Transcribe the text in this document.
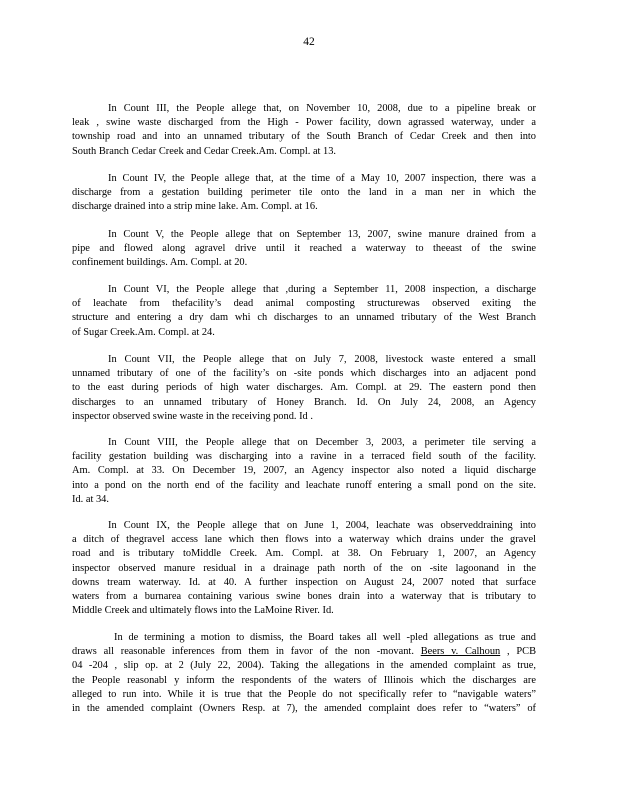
42
In Count III, the People allege that, on November 10, 2008, due to a pipeline break or
leak , swine waste discharged from the High - Power facility, down agrassed waterway, under a
township road and into an unnamed tributary of the South Branch of Cedar Creek and then into
South Branch Cedar Creek and Cedar Creek.Am. Compl. at 13.
In Count IV, the People allege that, at the time of a May 10, 2007 inspection, there was a
discharge from a gestation building perimeter tile onto the land in a man ner in which the
discharge drained into a strip mine lake. Am. Compl. at 16.
In Count V, the People allege that on September 13, 2007, swine manure drained from a
pipe and flowed along agravel drive until it reached a waterway to theeast of the swine
confinement buildings. Am. Compl. at 20.
In Count VI, the People allege that ,during a September 11, 2008 inspection, a discharge
of leachate from thefacility’s dead animal composting structurewas observed exiting the
structure and entering a dry dam whi ch discharges to an unnamed tributary of the West Branch
of Sugar Creek.Am. Compl. at 24.
In Count VII, the People allege that on July 7, 2008, livestock waste entered a small
unnamed tributary of one of the facility’s on -site ponds which discharges into an adjacent pond
to the east during periods of high water discharges. Am. Compl. at 29. The eastern pond then
discharges to an unnamed tributary of Honey Branch. Id. On July 24, 2008, an Agency
inspector observed swine waste in the receiving pond. Id .
In Count VIII, the People allege that on December 3, 2003, a perimeter tile serving a
facility gestation building was discharging into a ravine in a terraced field south of the facility.
Am. Compl. at 33. On December 19, 2007, an Agency inspector also noted a liquid discharge
into a pond on the north end of the facility and leachate runoff entering a small pond on the site.
Id. at 34.
In Count IX, the People allege that on June 1, 2004, leachate was observeddraining into
a ditch of thegravel access lane which then flows into a waterway which drains under the gravel
road and is tributary toMiddle Creek. Am. Compl. at 38. On February 1, 2007, an Agency
inspector observed manure residual in a drainage path north of the on -site lagoonand in the
downs tream waterway. Id. at 40. A further inspection on August 24, 2007 noted that surface
waters from a burnarea containing various swine bones drain into a waterway that is tributary to
Middle Creek and ultimately flows into the LaMoine River. Id.
In de termining a motion to dismiss, the Board takes all well -pled allegations as true and
draws all reasonable inferences from them in favor of the non -movant. Beers v. Calhoun , PCB
04 -204 , slip op. at 2 (July 22, 2004). Taking the allegations in the amended complaint as true,
the People reasonabl y inform the respondents of the waters of Illinois which the discharges are
alleged to run into. While it is true that the People do not specifically refer to “navigable waters”
in the amended complaint (Owners Resp. at 7), the amended complaint does refer to “waters” of
